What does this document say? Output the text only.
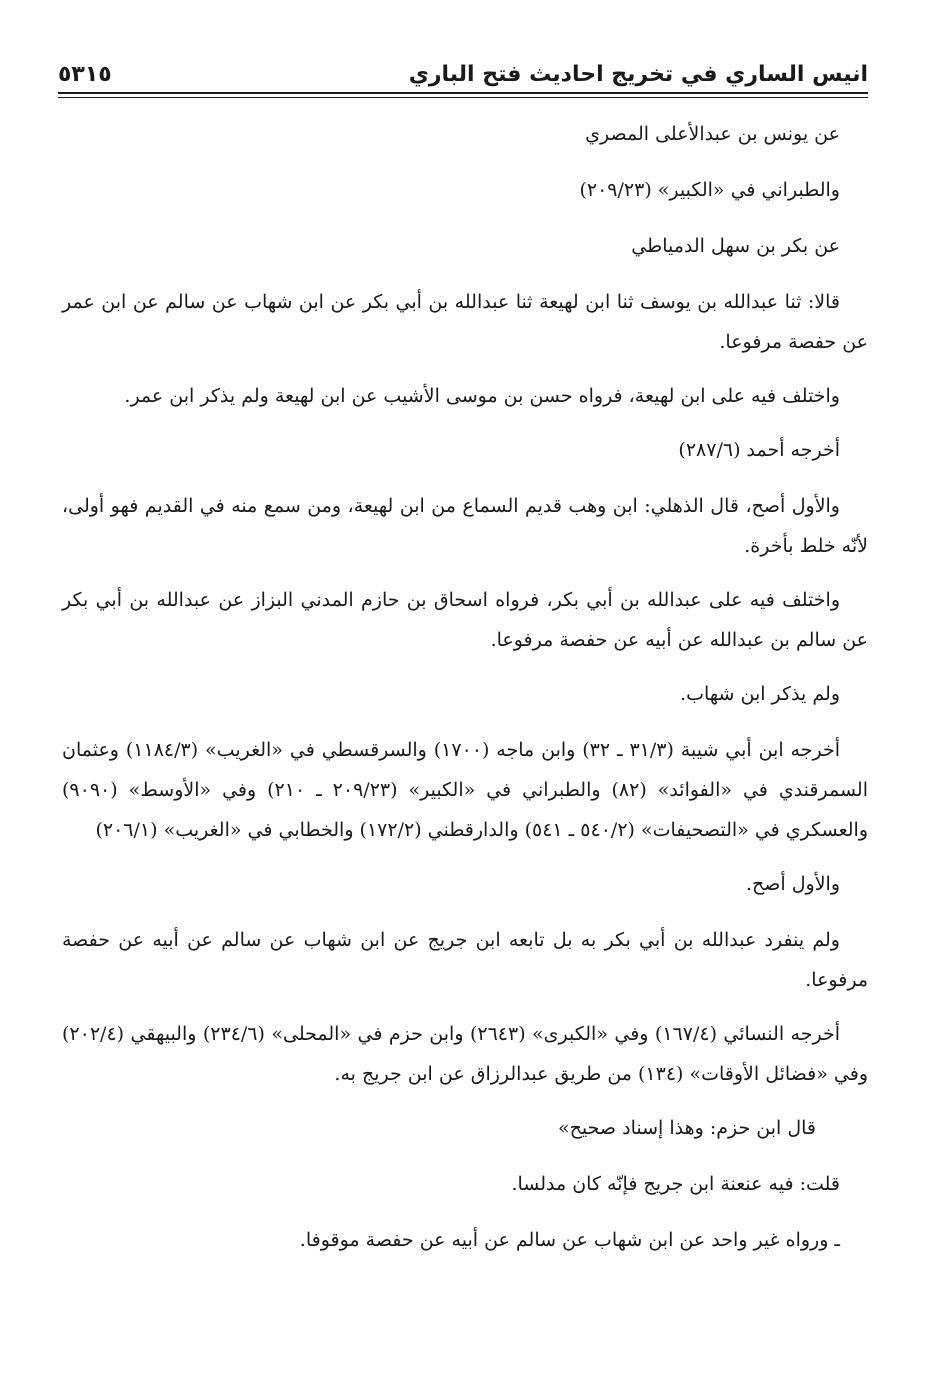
انيس الساري في تخريج احاديث فتح الباري
٥٣١٥

عن يونس بن عبدالأعلى المصري

والطبراني في «الكبير» (٢٠٩/٢٣)

عن بكر بن سهل الدمياطي

قالا: ثنا عبدالله بن يوسف ثنا ابن لهيعة ثنا عبدالله بن أبي بكر عن ابن شهاب عن سالم عن ابن عمر عن حفصة مرفوعا.

واختلف فيه على ابن لهيعة، فرواه حسن بن موسى الأشيب عن ابن لهيعة ولم يذكر ابن عمر.

أخرجه أحمد (٢٨٧/٦)

والأول أصح، قال الذهلي: ابن وهب قديم السماع من ابن لهيعة، ومن سمع منه في القديم فهو أولى، لأنّه خلط بأخرة.

واختلف فيه على عبدالله بن أبي بكر، فرواه اسحاق بن حازم المدني البزاز عن عبدالله بن أبي بكر عن سالم بن عبدالله عن أبيه عن حفصة مرفوعا.

ولم يذكر ابن شهاب.

أخرجه ابن أبي شيبة (٣١/٣ ـ ٣٢) وابن ماجه (١٧٠٠) والسرقسطي في «الغريب» (١١٨٤/٣) وعثمان السمرقندي في «الفوائد» (٨٢) والطبراني في «الكبير» (٢٠٩/٢٣ ـ ٢١٠) وفي «الأوسط» (٩٠٩٠) والعسكري في «التصحيفات» (٥٤٠/٢ ـ ٥٤١) والدارقطني (١٧٢/٢) والخطابي في «الغريب» (٢٠٦/١)

والأول أصح.

ولم ينفرد عبدالله بن أبي بكر به بل تابعه ابن جريج عن ابن شهاب عن سالم عن أبيه عن حفصة مرفوعا.

أخرجه النسائي (١٦٧/٤) وفي «الكبرى» (٢٦٤٣) وابن حزم في «المحلى» (٢٣٤/٦) والبيهقي (٢٠٢/٤) وفي «فضائل الأوقات» (١٣٤) من طريق عبدالرزاق عن ابن جريج به.

قال ابن حزم: وهذا إسناد صحيح»

قلت: فيه عنعنة ابن جريج فإنّه كان مدلسا.

ـ ورواه غير واحد عن ابن شهاب عن سالم عن أبيه عن حفصة موقوفا.
